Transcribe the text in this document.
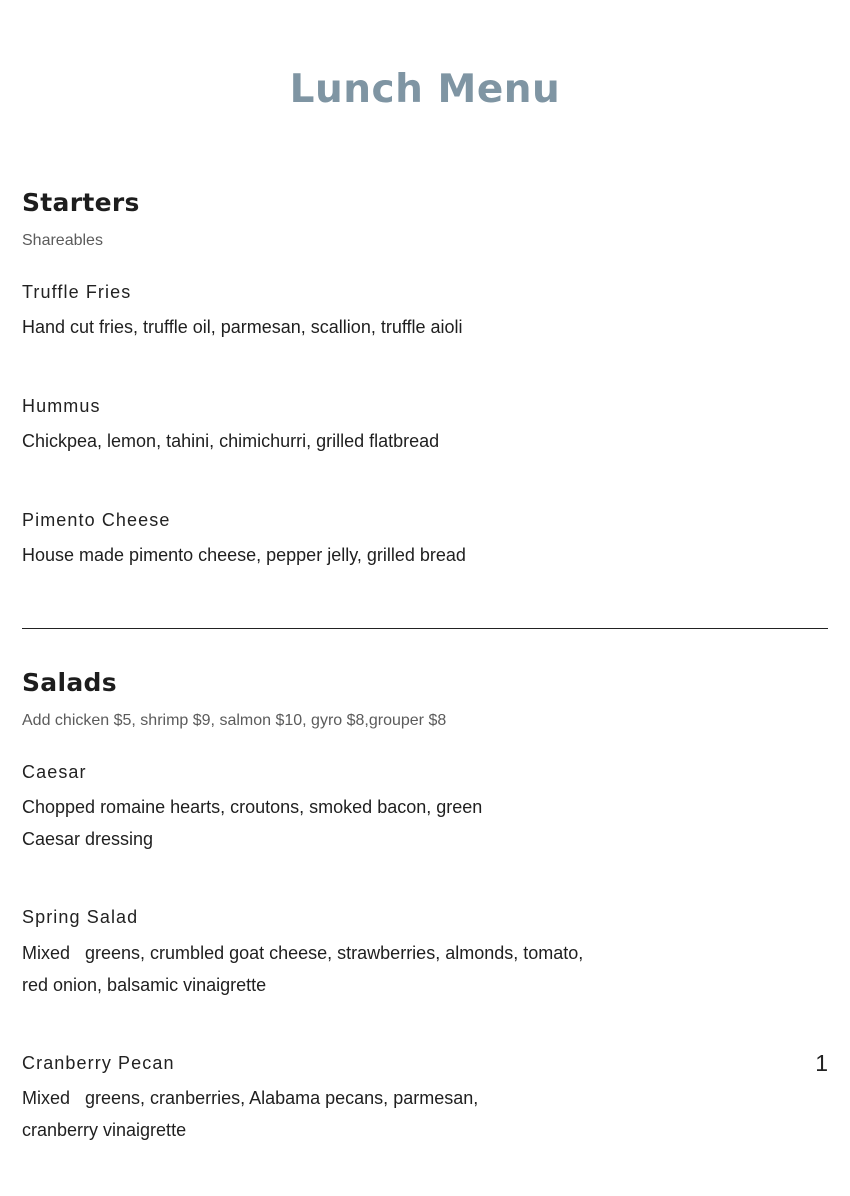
Lunch Menu
Starters
Shareables
Truffle Fries
Hand cut fries, truffle oil, parmesan, scallion, truffle aioli
Hummus
Chickpea, lemon, tahini, chimichurri, grilled flatbread
Pimento Cheese
House made pimento cheese, pepper jelly, grilled bread
Salads
Add chicken $5, shrimp $9, salmon $10, gyro $8,grouper $8
Caesar
Chopped romaine hearts, croutons, smoked bacon, green
Caesar dressing
Spring Salad
Mixed   greens, crumbled goat cheese, strawberries, almonds, tomato,
red onion, balsamic vinaigrette
Cranberry Pecan
Mixed   greens, cranberries, Alabama pecans, parmesan,
cranberry vinaigrette
1
